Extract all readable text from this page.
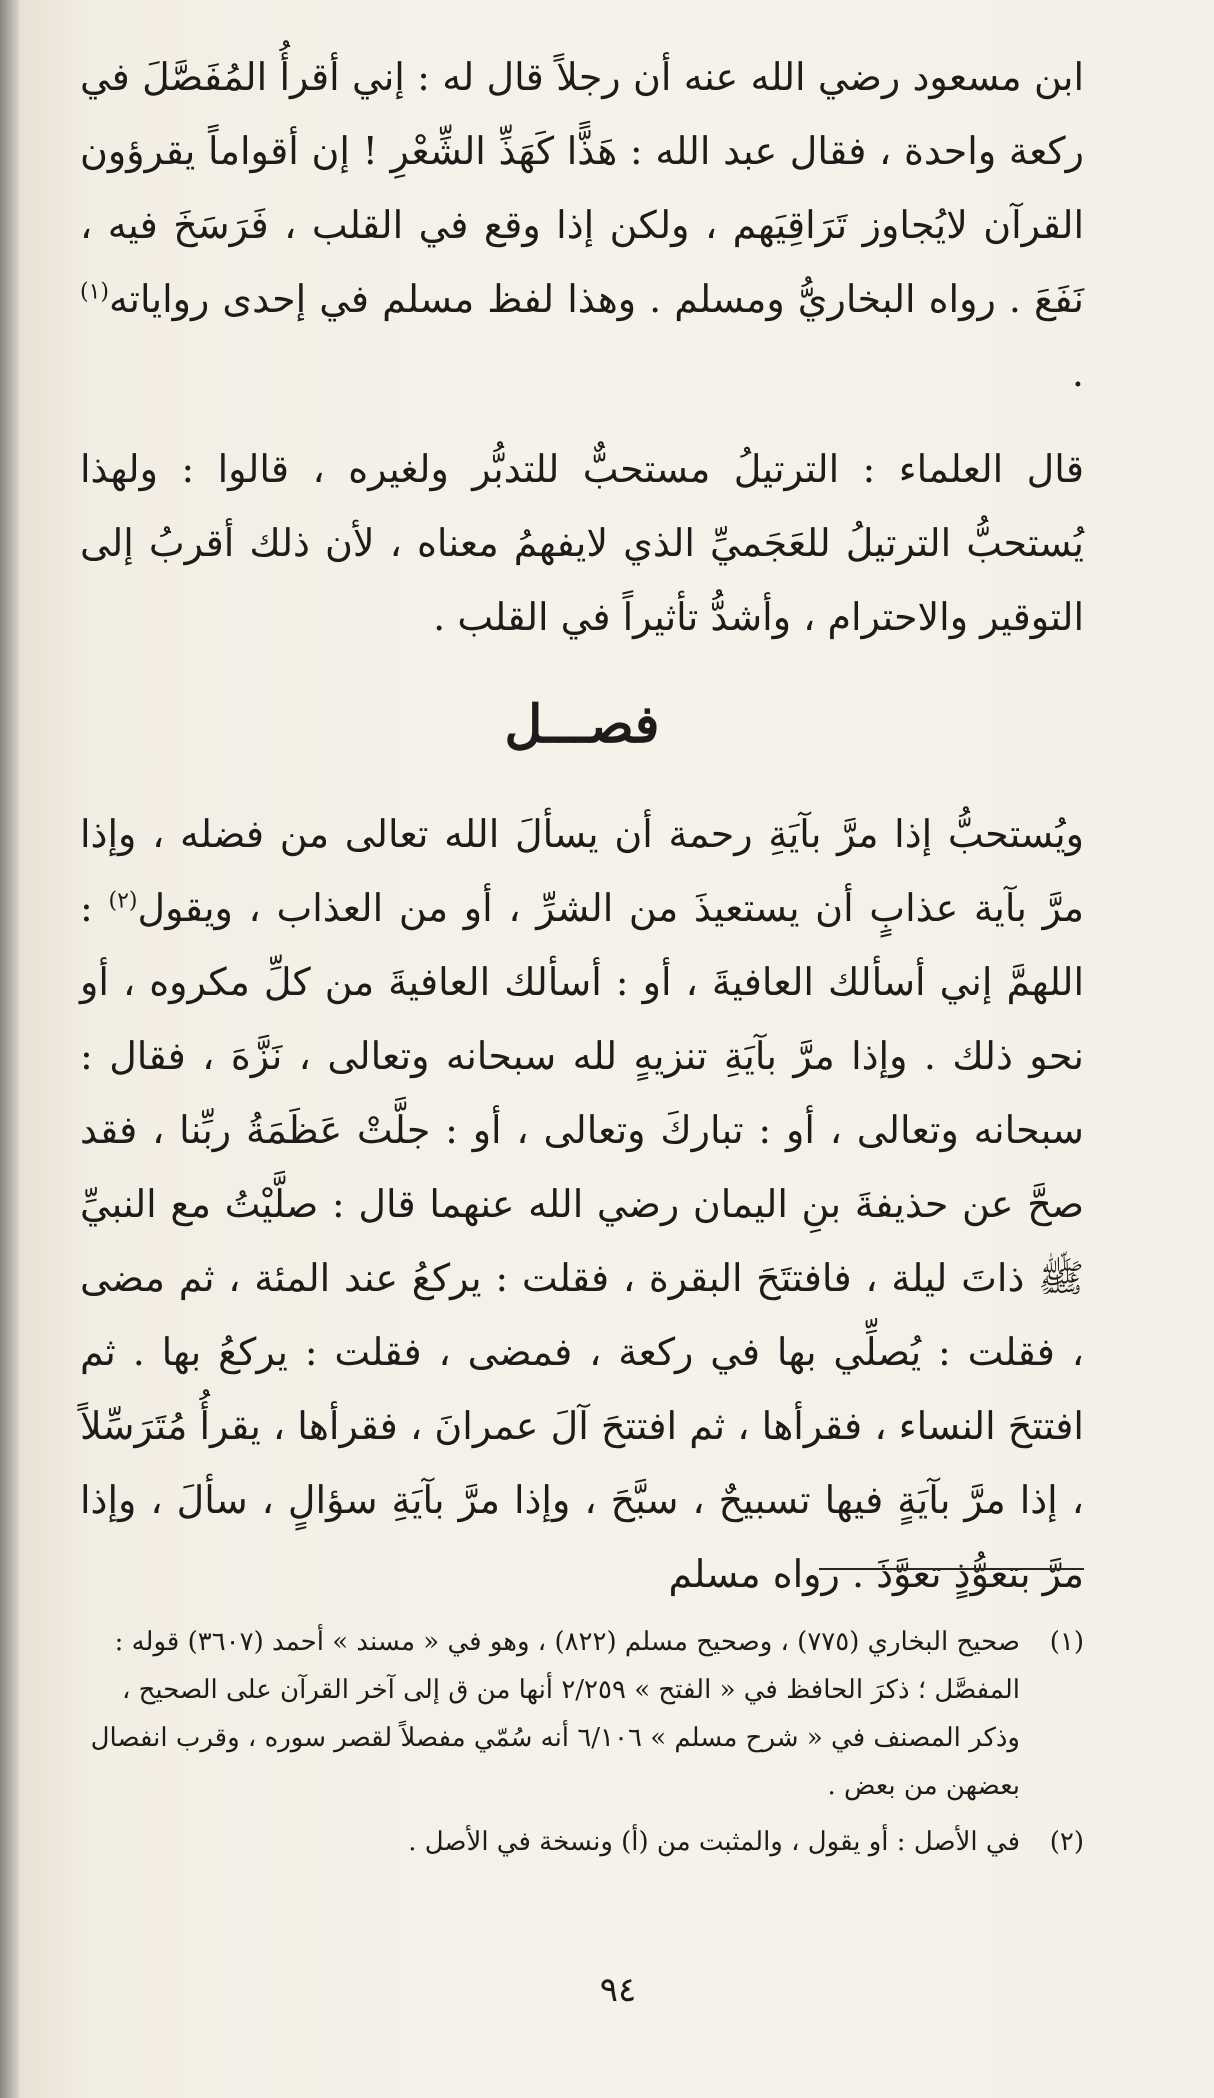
ابن مسعود رضي الله عنه أن رجلاً قال له : إني أقرأُ المُفَصَّلَ في ركعة واحدة ، فقال عبد الله : هَذًّا كَهَذِّ الشِّعْرِ ! إن أقواماً يقرؤون القرآن لايُجاوز تَرَاقِيَهم ، ولكن إذا وقع في القلب ، فَرَسَخَ فيه ، نَفَعَ . رواه البخاريُّ ومسلم . وهذا لفظ مسلم في إحدى رواياته$^{(١)}$ .

قال العلماء : الترتيلُ مستحبٌّ للتدبُّر ولغيره ، قالوا : ولهذا يُستحبُّ الترتيلُ للعَجَميِّ الذي لايفهمُ معناه ، لأن ذلك أقربُ إلى التوقير والاحترام ، وأشدُّ تأثيراً في القلب .

فصـــل

ويُستحبُّ إذا مرَّ بآيَةِ رحمة أن يسألَ الله تعالى من فضله ، وإذا مرَّ بآية عذابٍ أن يستعيذَ من الشرِّ ، أو من العذاب ، ويقول$^{(٢)}$ : اللهمَّ إني أسألك العافيةَ ، أو : أسألك العافيةَ من كلِّ مكروه ، أو نحو ذلك . وإذا مرَّ بآيَةِ تنزيهٍ لله سبحانه وتعالى ، نَزَّهَ ، فقال : سبحانه وتعالى ، أو : تباركَ وتعالى ، أو : جلَّتْ عَظَمَةُ ربِّنا ، فقد صحَّ عن حذيفةَ بنِ اليمان رضي الله عنهما قال : صلَّيْتُ مع النبيِّ ﷺ ذاتَ ليلة ، فافتتَحَ البقرة ، فقلت : يركعُ عند المئة ، ثم مضى ، فقلت : يُصلِّي بها في ركعة ، فمضى ، فقلت : يركعُ بها . ثم افتتحَ النساء ، فقرأها ، ثم افتتحَ آلَ عمرانَ ، فقرأها ، يقرأُ مُتَرَسِّلاً ، إذا مرَّ بآيَةٍ فيها تسبيحٌ ، سبَّحَ ، وإذا مرَّ بآيَةِ سؤالٍ ، سألَ ، وإذا مرَّ بتعوُّذٍ تعوَّذَ . رواه مسلم

(١)

صحيح البخاري (٧٧٥) ، وصحيح مسلم (٨٢٢) ، وهو في « مسند » أحمد (٣٦٠٧) قوله : المفصَّل ؛ ذكرَ الحافظ في « الفتح » ٢/٢٥٩ أنها من ق إلى آخر القرآن على الصحيح ، وذكر المصنف في « شرح مسلم » ٦/١٠٦ أنه سُمّي مفصلاً لقصر سوره ، وقرب انفصال بعضهن من بعض .

(٢)

في الأصل : أو يقول ، والمثبت من (أ) ونسخة في الأصل .

٩٤
